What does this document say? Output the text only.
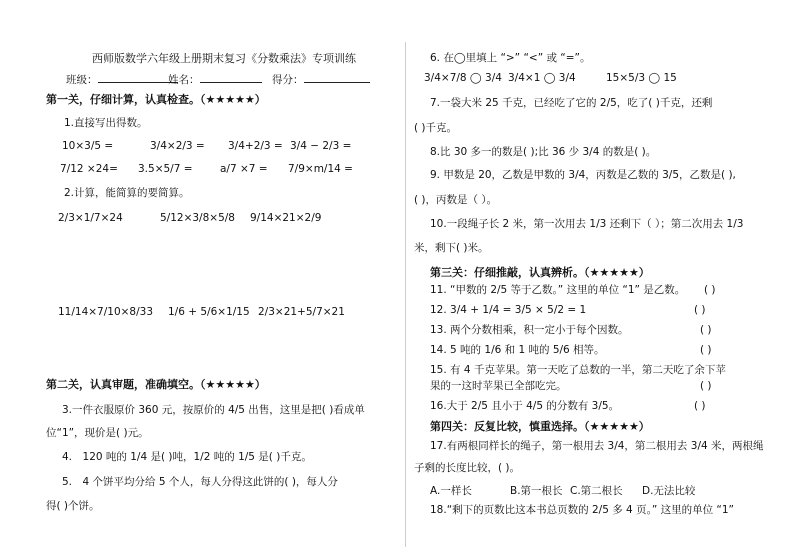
西师版数学六年级上册期末复习《分数乘法》专项训练
班级：	姓名：	得分：
第一关，仔细计算，认真检查。（★★★★★）
1.直接写出得数。
10×3/5 =	3/4×2/3 = 3/4+2/3 = 3/4 − 2/3 =
7/12 ×24= 3.5×5/7 =	a/7 ×7 = 7/9×m/14 =
2.计算，能简算的要简算。
2/3×1/7×24	5/12×3/8×5/8 9/14×21×2/9
11/14×7/10×8/33 1/6 + 5/6×1/15 2/3×21+5/7×21
第二关，认真审题，准确填空。（★★★★★）
3.一件衣服原价 360 元，按原价的 4/5 出售，这里是把( )看成单
位“1”，现价是( )元。
4.　120 吨的 1/4 是( )吨，1/2 吨的 1/5 是( )千克。
5.　4 个饼平均分给 5 个人，每人分得这此饼的( )，每人分
得( )个饼。
6. 在◯里填上 “>” “<” 或 “=”。
3/4×7/8 ◯ 3/4 3/4×1 ◯ 3/4	15×5/3 ◯ 15
7.一袋大米 25 千克，已经吃了它的 2/5，吃了( )千克，还剩
( )千克。
8.比 30 多一的数是( );比 36 少 3/4 的数是( )。
9. 甲数是 20，乙数是甲数的 3/4，丙数是乙数的 3/5，乙数是( ),
( )，丙数是（ ）。
10.一段绳子长 2 米，第一次用去 1/3 还剩下（ ）；第二次用去 1/3
米，剩下( )米。
第三关：仔细推敲，认真辨析。（★★★★★）
11. “甲数的 2/5 等于乙数。” 这里的单位 “1” 是乙数。 ( )
12. 3/4 + 1/4 = 3/5 × 5/2 = 1	( )
13. 两个分数相乘，积一定小于每个因数。	( )
14. 5 吨的 1/6 和 1 吨的 5/6 相等。	( )
15. 有 4 千克苹果。第一天吃了总数的一半，第二天吃了余下苹
果的一这时苹果已全部吃完。	( )
16.大于 2/5 且小于 4/5 的分数有 3/5。	( )
第四关：反复比较，慎重选择。（★★★★★）
17.有两根同样长的绳子，第一根用去 3/4，第二根用去 3/4 米，两根绳
子剩的长度比较，( )。
A.一样长	B.第一根长 C.第二根长 D.无法比较
18.“剩下的页数比这本书总页数的 2/5 多 4 页。” 这里的单位 “1”
